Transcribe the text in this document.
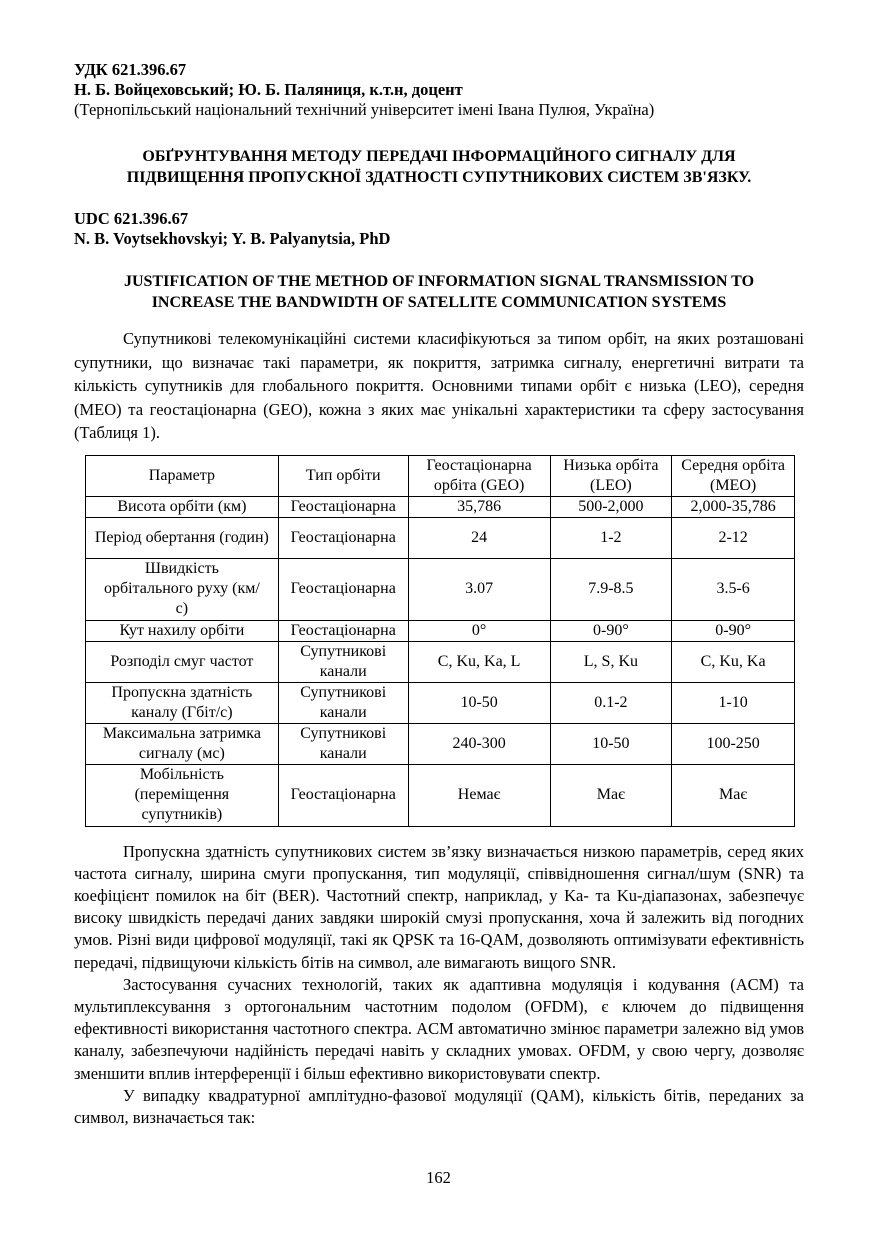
УДК 621.396.67
Н. Б. Войцеховський; Ю. Б. Паляниця, к.т.н, доцент
(Тернопільський національний технічний університет імені Івана Пулюя, Україна)
ОБҐРУНТУВАННЯ МЕТОДУ ПЕРЕДАЧІ ІНФОРМАЦІЙНОГО СИГНАЛУ ДЛЯ
ПІДВИЩЕННЯ ПРОПУСКНОЇ ЗДАТНОСТІ СУПУТНИКОВИХ СИСТЕМ ЗВ'ЯЗКУ.
UDC 621.396.67
N. B. Voytsekhovskyi; Y. B. Palyanytsia, PhD
JUSTIFICATION OF THE METHOD OF INFORMATION SIGNAL TRANSMISSION TO
INCREASE THE BANDWIDTH OF SATELLITE COMMUNICATION SYSTEMS
Супутникові телекомунікаційні системи класифікуються за типом орбіт, на яких розташовані супутники, що визначає такі параметри, як покриття, затримка сигналу, енергетичні витрати та кількість супутників для глобального покриття. Основними типами орбіт є низька (LEO), середня (MEO) та геостаціонарна (GEO), кожна з яких має унікальні характеристики та сферу застосування (Таблиця 1).
Параметр	Тип орбіти	Геостаціонарна орбіта (GEO)	Низька орбіта (LEO)	Середня орбіта (MEO)
Висота орбіти (км)	Геостаціонарна	35,786	500-2,000	2,000-35,786
Період обертання (годин)	Геостаціонарна	24	1-2	2-12
Швидкість орбітального руху (км/с)	Геостаціонарна	3.07	7.9-8.5	3.5-6
Кут нахилу орбіти	Геостаціонарна	0°	0-90°	0-90°
Розподіл смуг частот	Супутникові канали	C, Ku, Ka, L	L, S, Ku	C, Ku, Ka
Пропускна здатність каналу (Гбіт/с)	Супутникові канали	10-50	0.1-2	1-10
Максимальна затримка сигналу (мс)	Супутникові канали	240-300	10-50	100-250
Мобільність (переміщення супутників)	Геостаціонарна	Немає	Має	Має
Пропускна здатність супутникових систем зв’язку визначається низкою параметрів, серед яких частота сигналу, ширина смуги пропускання, тип модуляції, співвідношення сигнал/шум (SNR) та коефіцієнт помилок на біт (BER). Частотний спектр, наприклад, у Ka- та Ku-діапазонах, забезпечує високу швидкість передачі даних завдяки широкій смузі пропускання, хоча й залежить від погодних умов. Різні види цифрової модуляції, такі як QPSK та 16-QAM, дозволяють оптимізувати ефективність передачі, підвищуючи кількість бітів на символ, але вимагають вищого SNR.
Застосування сучасних технологій, таких як адаптивна модуляція і кодування (ACM) та мультиплексування з ортогональним частотним подолом (OFDM), є ключем до підвищення ефективності використання частотного спектра. ACM автоматично змінює параметри залежно від умов каналу, забезпечуючи надійність передачі навіть у складних умовах. OFDM, у свою чергу, дозволяє зменшити вплив інтерференції і більш ефективно використовувати спектр.
У випадку квадратурної амплітудно-фазової модуляції (QAM), кількість бітів, переданих за символ, визначається так:
162
